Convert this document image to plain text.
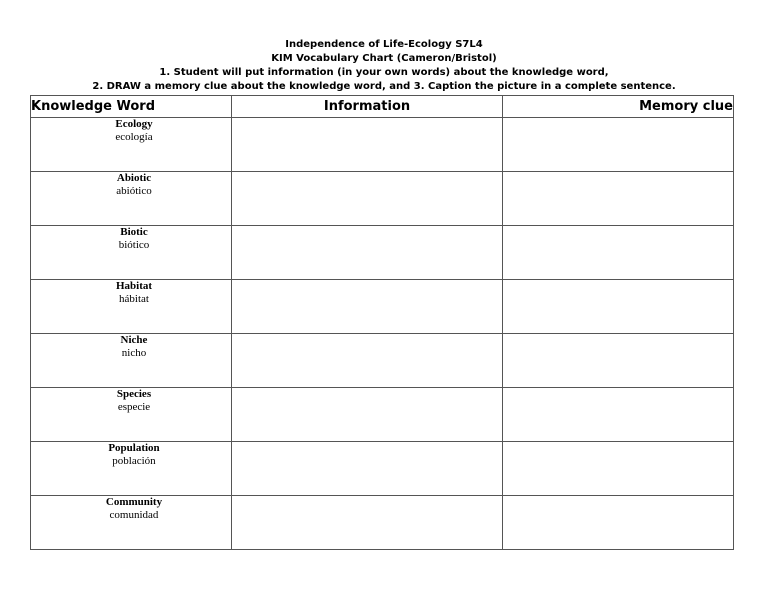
Independence of Life-Ecology S7L4
KIM Vocabulary Chart (Cameron/Bristol)
1. Student will put information (in your own words) about the knowledge word,
2. DRAW a memory clue about the knowledge word, and 3. Caption the picture in a complete sentence.
Knowledge Word	Information	Memory clue

Ecology
ecología		

Abiotic
abiótico		

Biotic
biótico		

Habitat
hábitat		

Niche
nicho		

Species
especie		

Population
población		

Community
comunidad		
